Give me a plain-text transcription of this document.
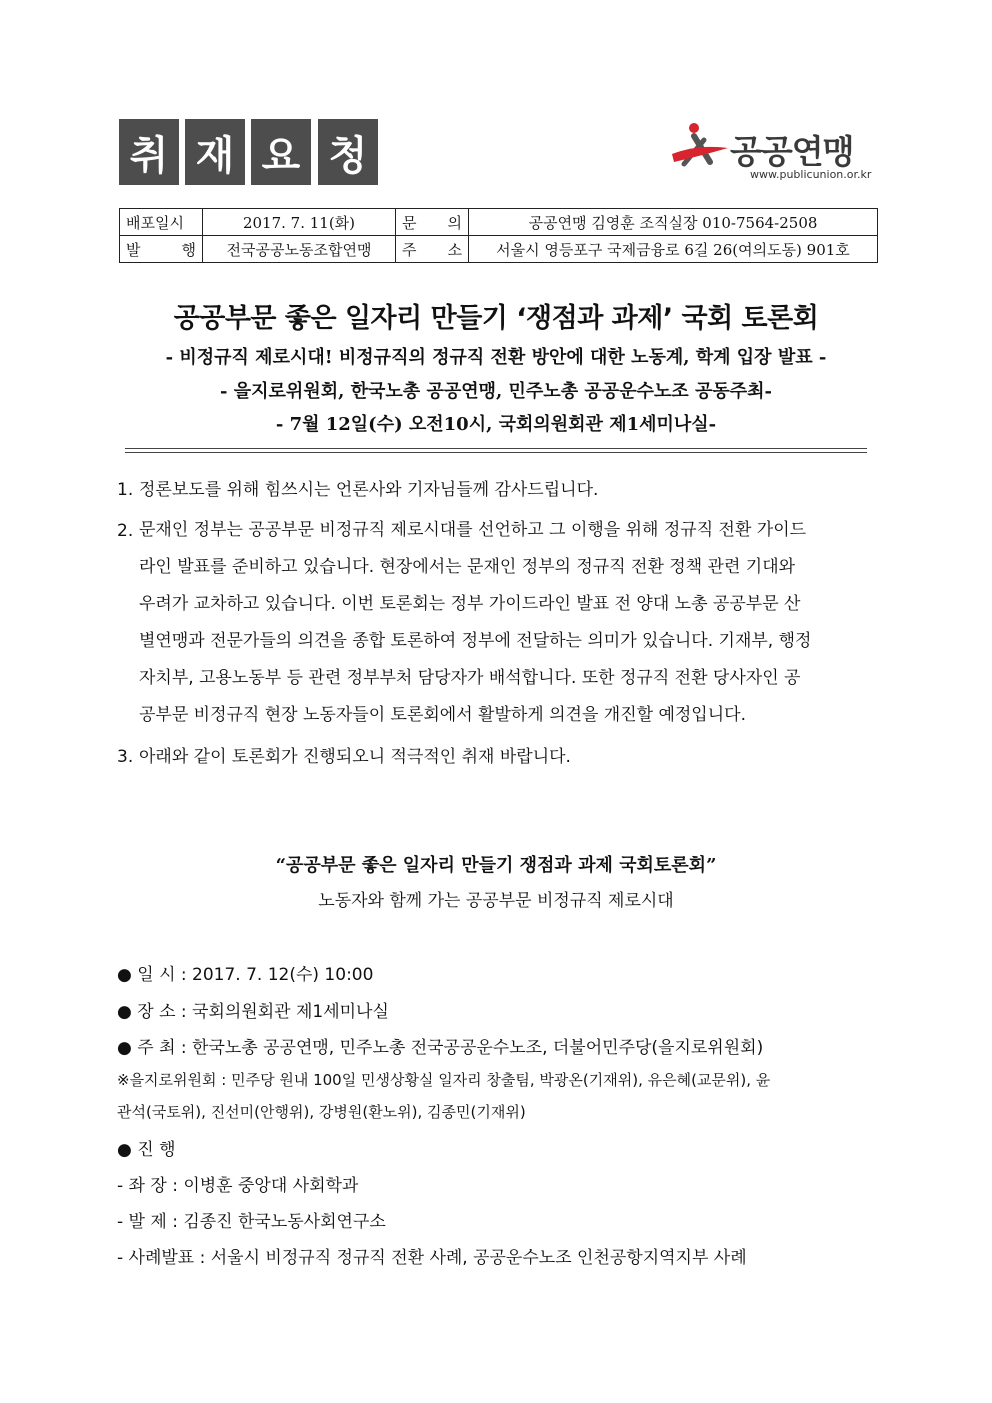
취 재 요 청	공공연맹
www.publicunion.or.kr
배포일시	2017. 7. 11(화)	문 의	공공연맹 김영훈 조직실장 010-7564-2508
발 행	전국공공노동조합연맹	주 소	서울시 영등포구 국제금융로 6길 26(여의도동) 901호
공공부문 좋은 일자리 만들기 ‘쟁점과 과제’ 국회 토론회
- 비정규직 제로시대! 비정규직의 정규직 전환 방안에 대한 노동계, 학계 입장 발표 -
- 을지로위원회, 한국노총 공공연맹, 민주노총 공공운수노조 공동주최-
- 7월 12일(수) 오전10시, 국회의원회관 제1세미나실-
1. 정론보도를 위해 힘쓰시는 언론사와 기자님들께 감사드립니다.
2. 문재인 정부는 공공부문 비정규직 제로시대를 선언하고 그 이행을 위해 정규직 전환 가이드
라인 발표를 준비하고 있습니다. 현장에서는 문재인 정부의 정규직 전환 정책 관련 기대와
우려가 교차하고 있습니다. 이번 토론회는 정부 가이드라인 발표 전 양대 노총 공공부문 산
별연맹과 전문가들의 의견을 종합 토론하여 정부에 전달하는 의미가 있습니다. 기재부, 행정
자치부, 고용노동부 등 관련 정부부처 담당자가 배석합니다. 또한 정규직 전환 당사자인 공
공부문 비정규직 현장 노동자들이 토론회에서 활발하게 의견을 개진할 예정입니다.
3. 아래와 같이 토론회가 진행되오니 적극적인 취재 바랍니다.
“공공부문 좋은 일자리 만들기 쟁점과 과제 국회토론회”
노동자와 함께 가는 공공부문 비정규직 제로시대
● 일 시 : 2017. 7. 12(수) 10:00
● 장 소 : 국회의원회관 제1세미나실
● 주 최 : 한국노총 공공연맹, 민주노총 전국공공운수노조, 더불어민주당(을지로위원회)
※을지로위원회 : 민주당 원내 100일 민생상황실 일자리 창출팀, 박광온(기재위), 유은혜(교문위), 윤
관석(국토위), 진선미(안행위), 강병원(환노위), 김종민(기재위)
● 진 행
- 좌 장 : 이병훈 중앙대 사회학과
- 발 제 : 김종진 한국노동사회연구소
- 사례발표 : 서울시 비정규직 정규직 전환 사례, 공공운수노조 인천공항지역지부 사례
